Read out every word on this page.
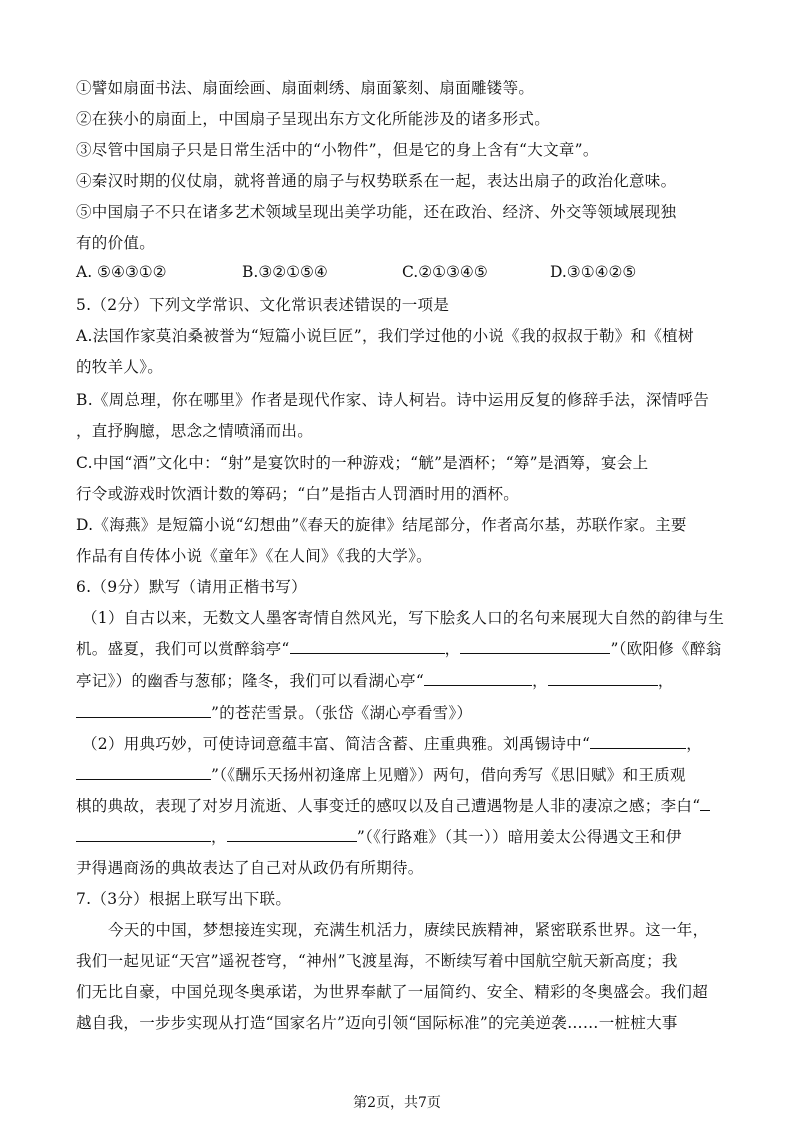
①譬如扇面书法、扇面绘画、扇面刺绣、扇面篆刻、扇面雕镂等。
②在狭小的扇面上，中国扇子呈现出东方文化所能涉及的诸多形式。
③尽管中国扇子只是日常生活中的“小物件”，但是它的身上含有“大文章”。
④秦汉时期的仪仗扇，就将普通的扇子与权势联系在一起，表达出扇子的政治化意味。
⑤中国扇子不只在诸多艺术领域呈现出美学功能，还在政治、经济、外交等领域展现独
有的价值。
A. ⑤④③①②	B.③②①⑤④	C.②①③④⑤	D.③①④②⑤
5.（2分）下列文学常识、文化常识表述错误的一项是
A.法国作家莫泊桑被誉为“短篇小说巨匠”，我们学过他的小说《我的叔叔于勒》和《植树
的牧羊人》。
B.《周总理，你在哪里》作者是现代作家、诗人柯岩。诗中运用反复的修辞手法，深情呼告
，直抒胸臆，思念之情喷涌而出。
C.中国“酒”文化中：“射”是宴饮时的一种游戏；“觥”是酒杯；“筹”是酒筹，宴会上
行令或游戏时饮酒计数的筹码；“白”是指古人罚酒时用的酒杯。
D.《海燕》是短篇小说“幻想曲”《春天的旋律》结尾部分，作者高尔基，苏联作家。主要
作品有自传体小说《童年》《在人间》《我的大学》。
6.（9分）默写（请用正楷书写）
（1）自古以来，无数文人墨客寄情自然风光，写下脍炙人口的名句来展现大自然的韵律与生
机。盛夏，我们可以赏醉翁亭“	，	”（欧阳修《醉翁
亭记》）的幽香与葱郁；隆冬，我们可以看湖心亭“	，	，
”的苍茫雪景。（张岱《湖心亭看雪》）
（2）用典巧妙，可使诗词意蕴丰富、简洁含蓄、庄重典雅。刘禹锡诗中“	，
”（《酬乐天扬州初逢席上见赠》）两句，借向秀写《思旧赋》和王质观
棋的典故，表现了对岁月流逝、人事变迁的感叹以及自己遭遇物是人非的凄凉之感；李白“
，	”（《行路难》（其一））暗用姜太公得遇文王和伊
尹得遇商汤的典故表达了自己对从政仍有所期待。
7.（3分）根据上联写出下联。
今天的中国，梦想接连实现，充满生机活力，赓续民族精神，紧密联系世界。这一年，
我们一起见证“天宫”遥祝苍穹，“神州”飞渡星海，不断续写着中国航空航天新高度；我
们无比自豪，中国兑现冬奥承诺，为世界奉献了一届简约、安全、精彩的冬奥盛会。我们超
越自我，一步步实现从打造“国家名片”迈向引领“国际标准”的完美逆袭……一桩桩大事
第2页，共7页
